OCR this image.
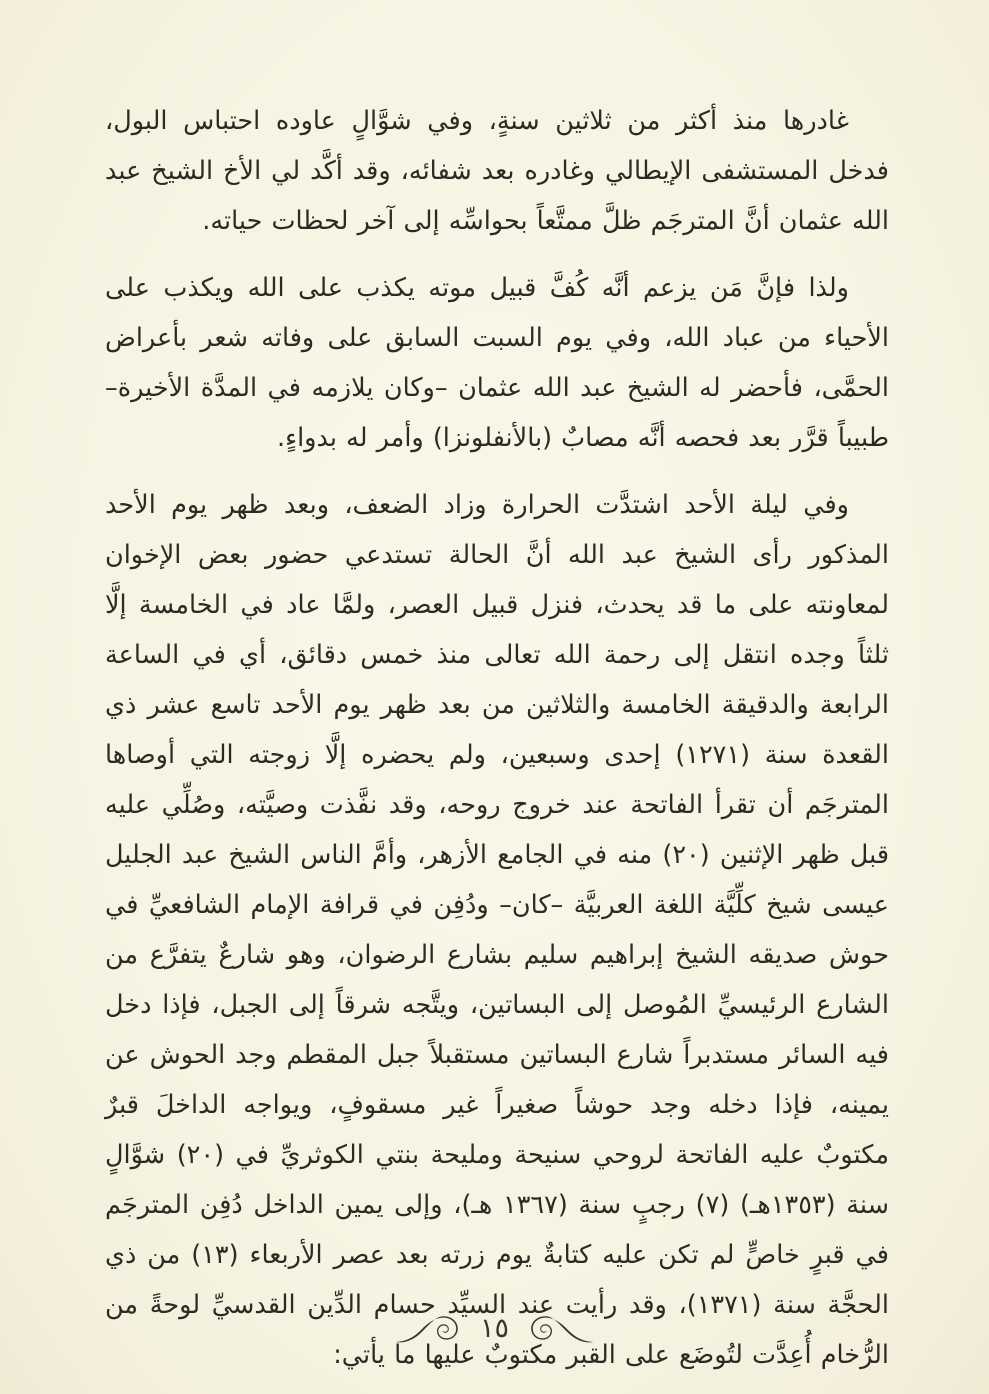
غادرها منذ أكثر من ثلاثين سنةٍ، وفي شوَّالٍ عاوده احتباس البول، فدخل المستشفى الإيطالي وغادره بعد شفائه، وقد أكَّد لي الأخ الشيخ عبد الله عثمان أنَّ المترجَم ظلَّ ممتَّعاً بحواسِّه إلى آخر لحظات حياته.

ولذا فإنَّ مَن يزعم أنَّه كُفَّ قبيل موته يكذب على الله ويكذب على الأحياء من عباد الله، وفي يوم السبت السابق على وفاته شعر بأعراض الحمَّى، فأحضر له الشيخ عبد الله عثمان –وكان يلازمه في المدَّة الأخيرة– طبيباً قرَّر بعد فحصه أنَّه مصابٌ (بالأنفلونزا) وأمر له بدواءٍ.

وفي ليلة الأحد اشتدَّت الحرارة وزاد الضعف، وبعد ظهر يوم الأحد المذكور رأى الشيخ عبد الله أنَّ الحالة تستدعي حضور بعض الإخوان لمعاونته على ما قد يحدث، فنزل قبيل العصر، ولمَّا عاد في الخامسة إلَّا ثلثاً وجده انتقل إلى رحمة الله تعالى منذ خمس دقائق، أي في الساعة الرابعة والدقيقة الخامسة والثلاثين من بعد ظهر يوم الأحد تاسع عشر ذي القعدة سنة (١٢٧١) إحدى وسبعين، ولم يحضره إلَّا زوجته التي أوصاها المترجَم أن تقرأ الفاتحة عند خروج روحه، وقد نفَّذت وصيَّته، وصُلِّي عليه قبل ظهر الإثنين (٢٠) منه في الجامع الأزهر، وأمَّ الناس الشيخ عبد الجليل عيسى شيخ كلِّيَّة اللغة العربيَّة –كان– ودُفِن في قرافة الإمام الشافعيِّ في حوش صديقه الشيخ إبراهيم سليم بشارع الرضوان، وهو شارعٌ يتفرَّع من الشارع الرئيسيِّ المُوصل إلى البساتين، ويتَّجه شرقاً إلى الجبل، فإذا دخل فيه السائر مستدبراً شارع البساتين مستقبلاً جبل المقطم وجد الحوش عن يمينه، فإذا دخله وجد حوشاً صغيراً غير مسقوفٍ، ويواجه الداخلَ قبرٌ مكتوبٌ عليه الفاتحة لروحي سنيحة ومليحة بنتي الكوثريِّ في (٢٠) شوَّالٍ سنة (١٣٥٣هـ) (٧) رجبٍ سنة (١٣٦٧ هـ)، وإلى يمين الداخل دُفِن المترجَم في قبرٍ خاصٍّ لم تكن عليه كتابةٌ يوم زرته بعد عصر الأربعاء (١٣) من ذي الحجَّة سنة (١٣٧١)، وقد رأيت عند السيِّد حسام الدِّين القدسيِّ لوحةً من الرُّخام أُعِدَّت لتُوضَع على القبر مكتوبٌ عليها ما يأتي:

١٥
